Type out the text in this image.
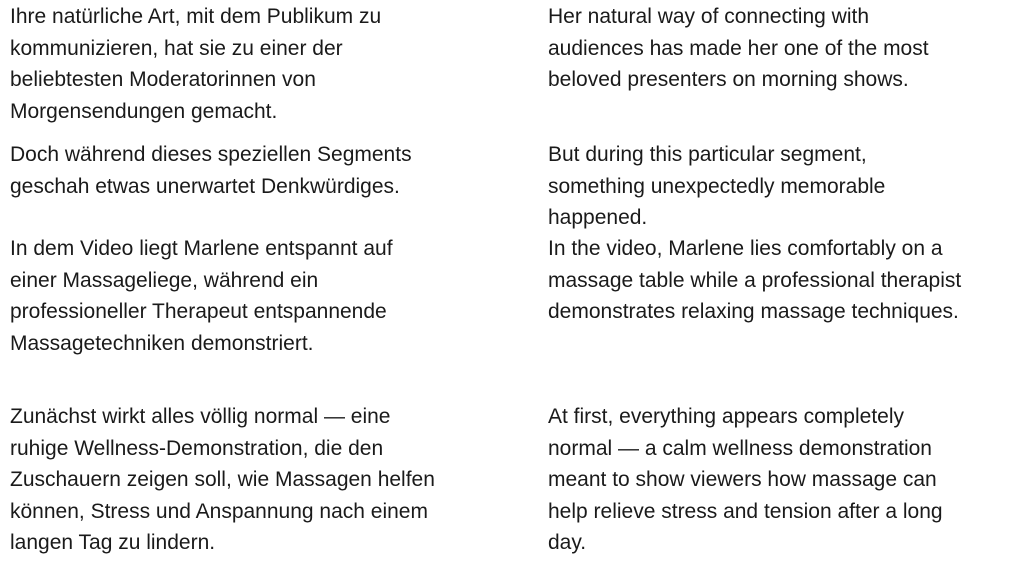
Ihre natürliche Art, mit dem Publikum zu
kommunizieren, hat sie zu einer der
beliebtesten Moderatorinnen von
Morgensendungen gemacht.

Her natural way of connecting with
audiences has made her one of the most
beloved presenters on morning shows.

Doch während dieses speziellen Segments
geschah etwas unerwartet Denkwürdiges.

But during this particular segment,
something unexpectedly memorable
happened.

In dem Video liegt Marlene entspannt auf
einer Massageliege, während ein
professioneller Therapeut entspannende
Massagetechniken demonstriert.

In the video, Marlene lies comfortably on a
massage table while a professional therapist
demonstrates relaxing massage techniques.

Zunächst wirkt alles völlig normal — eine
ruhige Wellness-Demonstration, die den
Zuschauern zeigen soll, wie Massagen helfen
können, Stress und Anspannung nach einem
langen Tag zu lindern.

At first, everything appears completely
normal — a calm wellness demonstration
meant to show viewers how massage can
help relieve stress and tension after a long
day.
